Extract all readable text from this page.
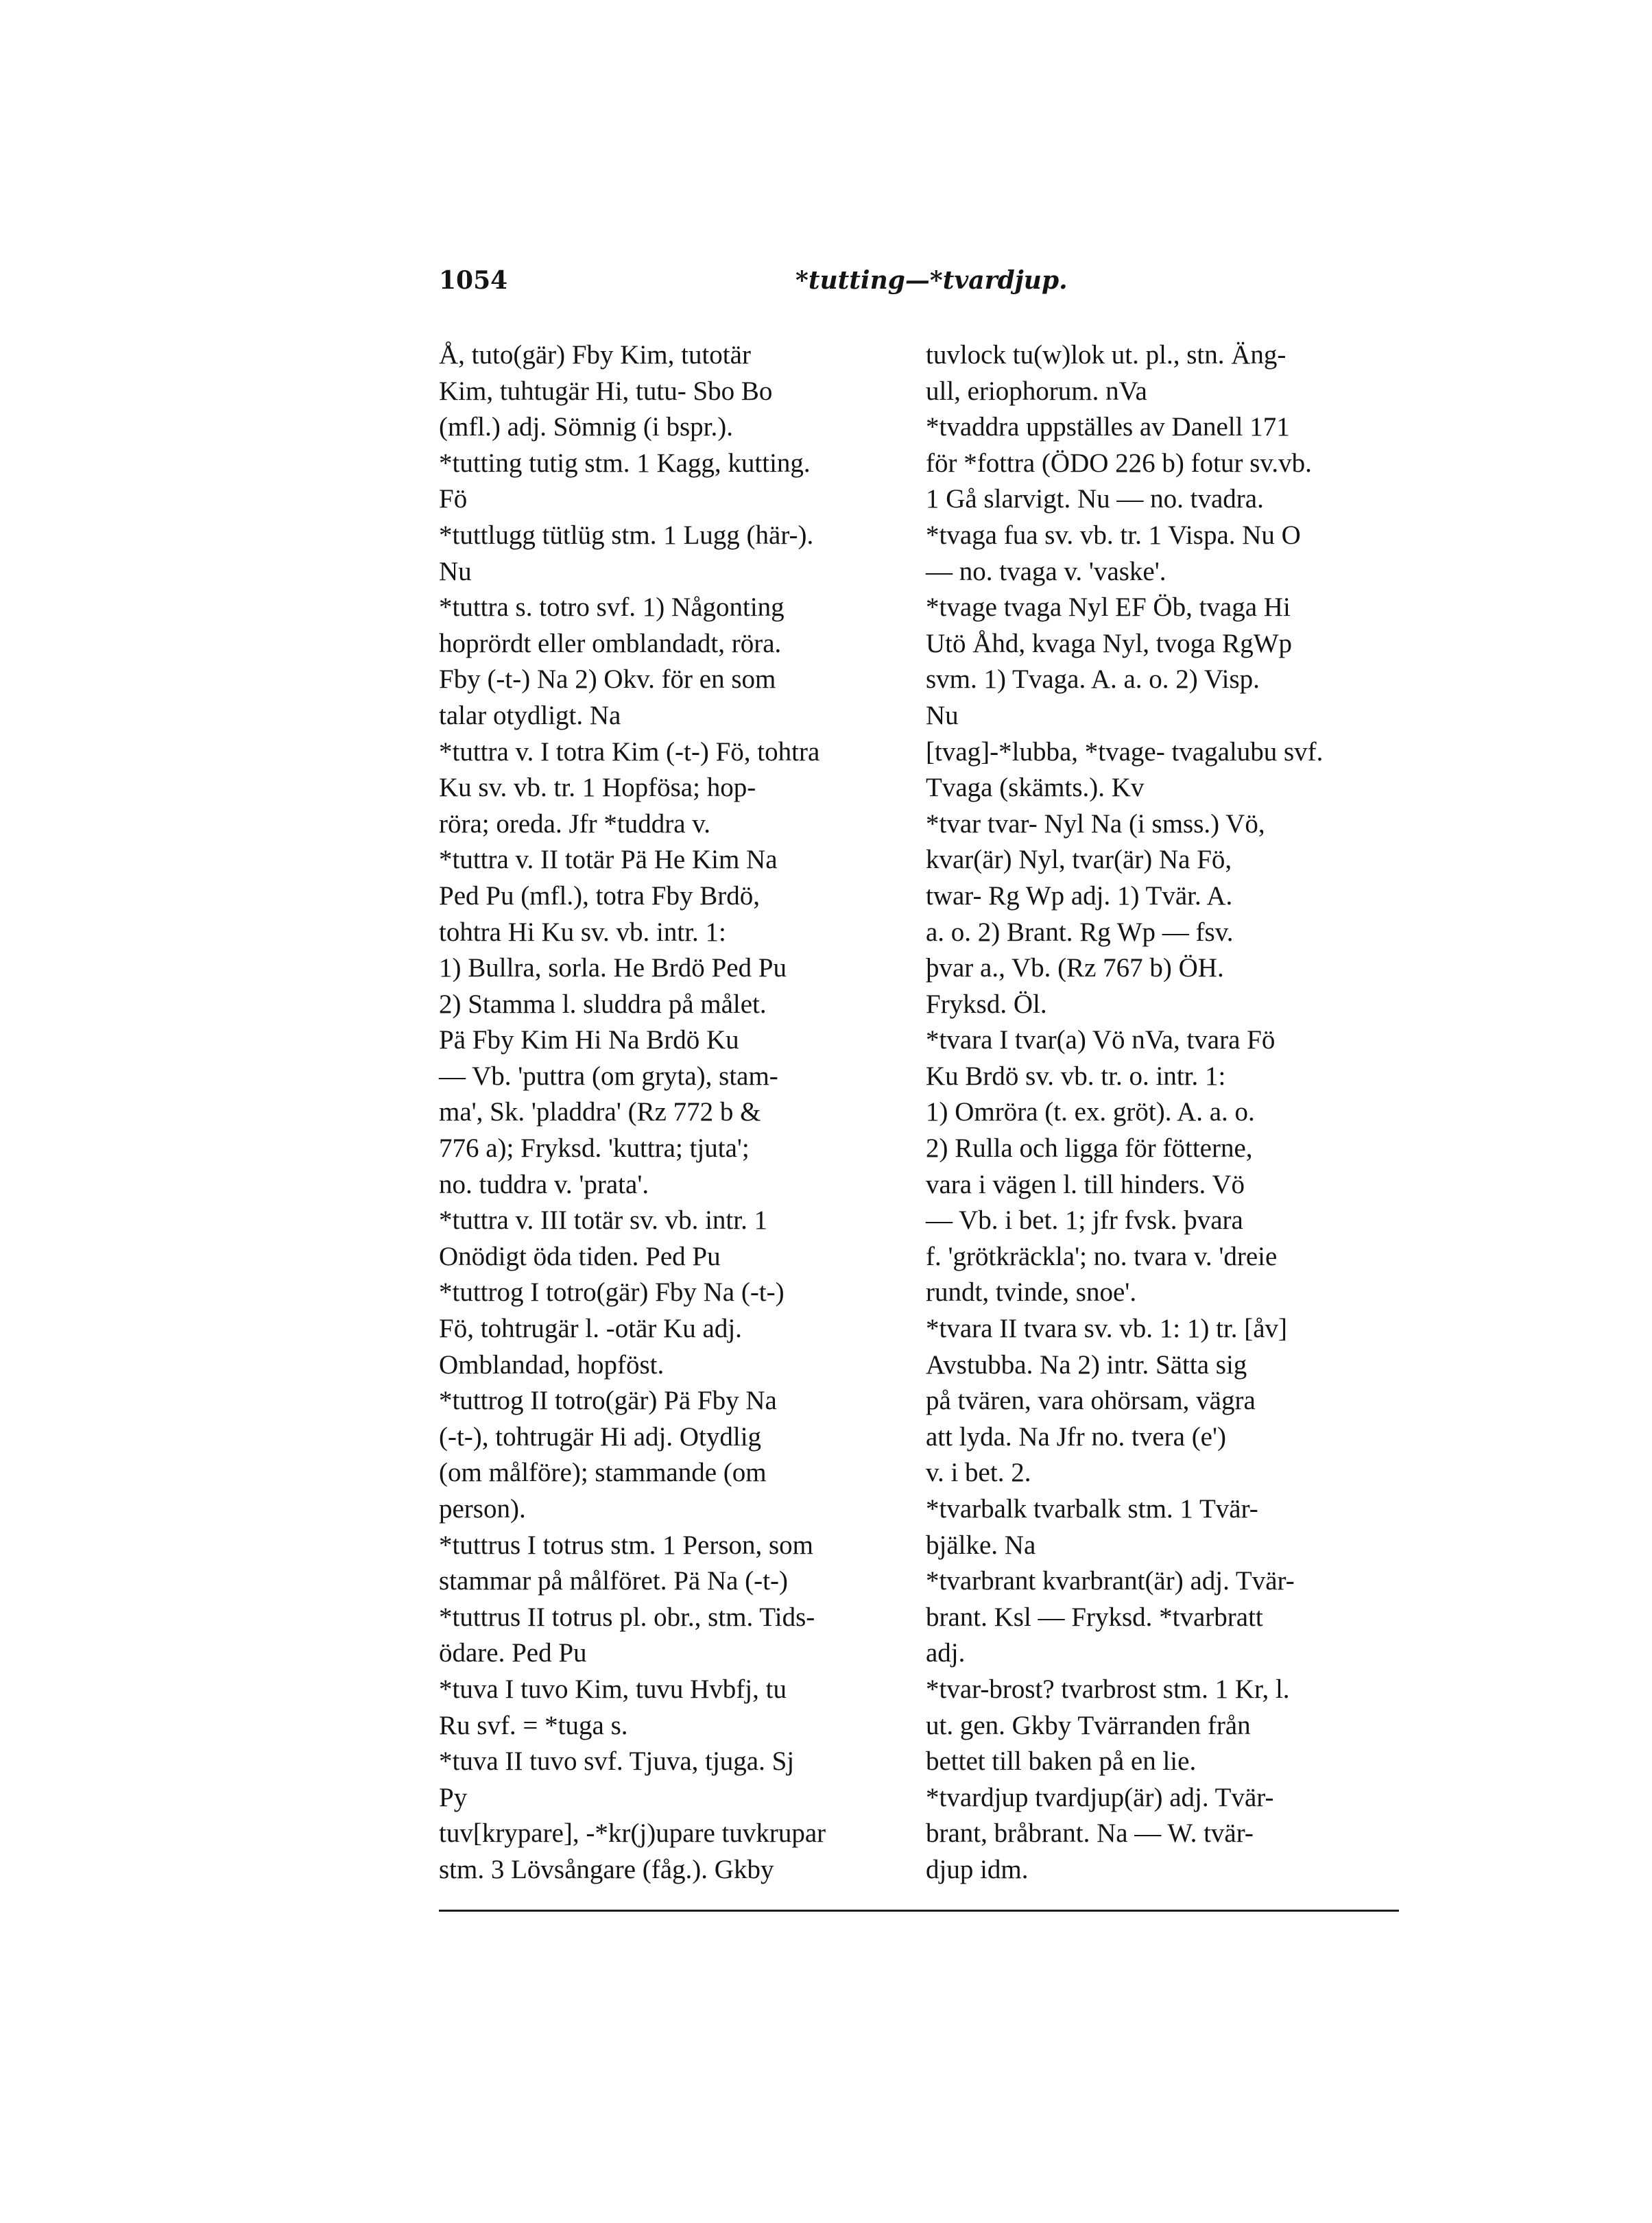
1054	*tutting—*tvardjup.
Å, tuto(gär) Fby Kim, tutotär
Kim, tuhtugär Hi, tutu- Sbo Bo
(mfl.) adj. Sömnig (i bspr.).
*tutting tutig stm. 1 Kagg, kutting.
Fö
*tuttlugg tütlüg stm. 1 Lugg (här-).
Nu
*tuttra s. totro svf. 1) Någonting
hoprördt eller omblandadt, röra.
Fby (-t-) Na 2) Okv. för en som
talar otydligt. Na
*tuttra v. I totra Kim (-t-) Fö, tohtra
Ku sv. vb. tr. 1 Hopfösa; hop-
röra; oreda. Jfr *tuddra v.
*tuttra v. II totär Pä He Kim Na
Ped Pu (mfl.), totra Fby Brdö,
tohtra Hi Ku sv. vb. intr. 1:
1) Bullra, sorla. He Brdö Ped Pu
2) Stamma l. sluddra på målet.
Pä Fby Kim Hi Na Brdö Ku
— Vb. 'puttra (om gryta), stam-
ma', Sk. 'pladdra' (Rz 772 b &
776 a); Fryksd. 'kuttra; tjuta';
no. tuddra v. 'prata'.
*tuttra v. III totär sv. vb. intr. 1
Onödigt öda tiden. Ped Pu
*tuttrog I totro(gär) Fby Na (-t-)
Fö, tohtrugär l. -otär Ku adj.
Omblandad, hopföst.
*tuttrog II totro(gär) Pä Fby Na
(-t-), tohtrugär Hi adj. Otydlig
(om målföre); stammande (om
person).
*tuttrus I totrus stm. 1 Person, som
stammar på målföret. Pä Na (-t-)
*tuttrus II totrus pl. obr., stm. Tids-
ödare. Ped Pu
*tuva I tuvo Kim, tuvu Hvbfj, tu
Ru svf. = *tuga s.
*tuva II tuvo svf. Tjuva, tjuga. Sj
Py
tuv[krypare], -*kr(j)upare tuvkrupar
stm. 3 Lövsångare (fåg.). Gkby
tuvlock tu(w)lok ut. pl., stn. Äng-
ull, eriophorum. nVa
*tvaddra uppställes av Danell 171
för *fottra (ÖDO 226 b) fotur sv.vb.
1 Gå slarvigt. Nu — no. tvadra.
*tvaga fua sv. vb. tr. 1 Vispa. Nu O
— no. tvaga v. 'vaske'.
*tvage tvaga Nyl EF Öb, tvaga Hi
Utö Åhd, kvaga Nyl, tvoga RgWp
svm. 1) Tvaga. A. a. o. 2) Visp.
Nu
[tvag]-*lubba, *tvage- tvagalubu svf.
Tvaga (skämts.). Kv
*tvar tvar- Nyl Na (i smss.) Vö,
kvar(är) Nyl, tvar(är) Na Fö,
twar- Rg Wp adj. 1) Tvär. A.
a. o. 2) Brant. Rg Wp — fsv.
þvar a., Vb. (Rz 767 b) ÖH.
Fryksd. Öl.
*tvara I tvar(a) Vö nVa, tvara Fö
Ku Brdö sv. vb. tr. o. intr. 1:
1) Omröra (t. ex. gröt). A. a. o.
2) Rulla och ligga för fötterne,
vara i vägen l. till hinders. Vö
— Vb. i bet. 1; jfr fvsk. þvara
f. 'grötkräckla'; no. tvara v. 'dreie
rundt, tvinde, snoe'.
*tvara II tvara sv. vb. 1: 1) tr. [åv]
Avstubba. Na 2) intr. Sätta sig
på tvären, vara ohörsam, vägra
att lyda. Na Jfr no. tvera (e')
v. i bet. 2.
*tvarbalk tvarbalk stm. 1 Tvär-
bjälke. Na
*tvarbrant kvarbrant(är) adj. Tvär-
brant. Ksl — Fryksd. *tvarbratt
adj.
*tvar-brost? tvarbrost stm. 1 Kr, l.
ut. gen. Gkby Tvärranden från
bettet till baken på en lie.
*tvardjup tvardjup(är) adj. Tvär-
brant, bråbrant. Na — W. tvär-
djup idm.
